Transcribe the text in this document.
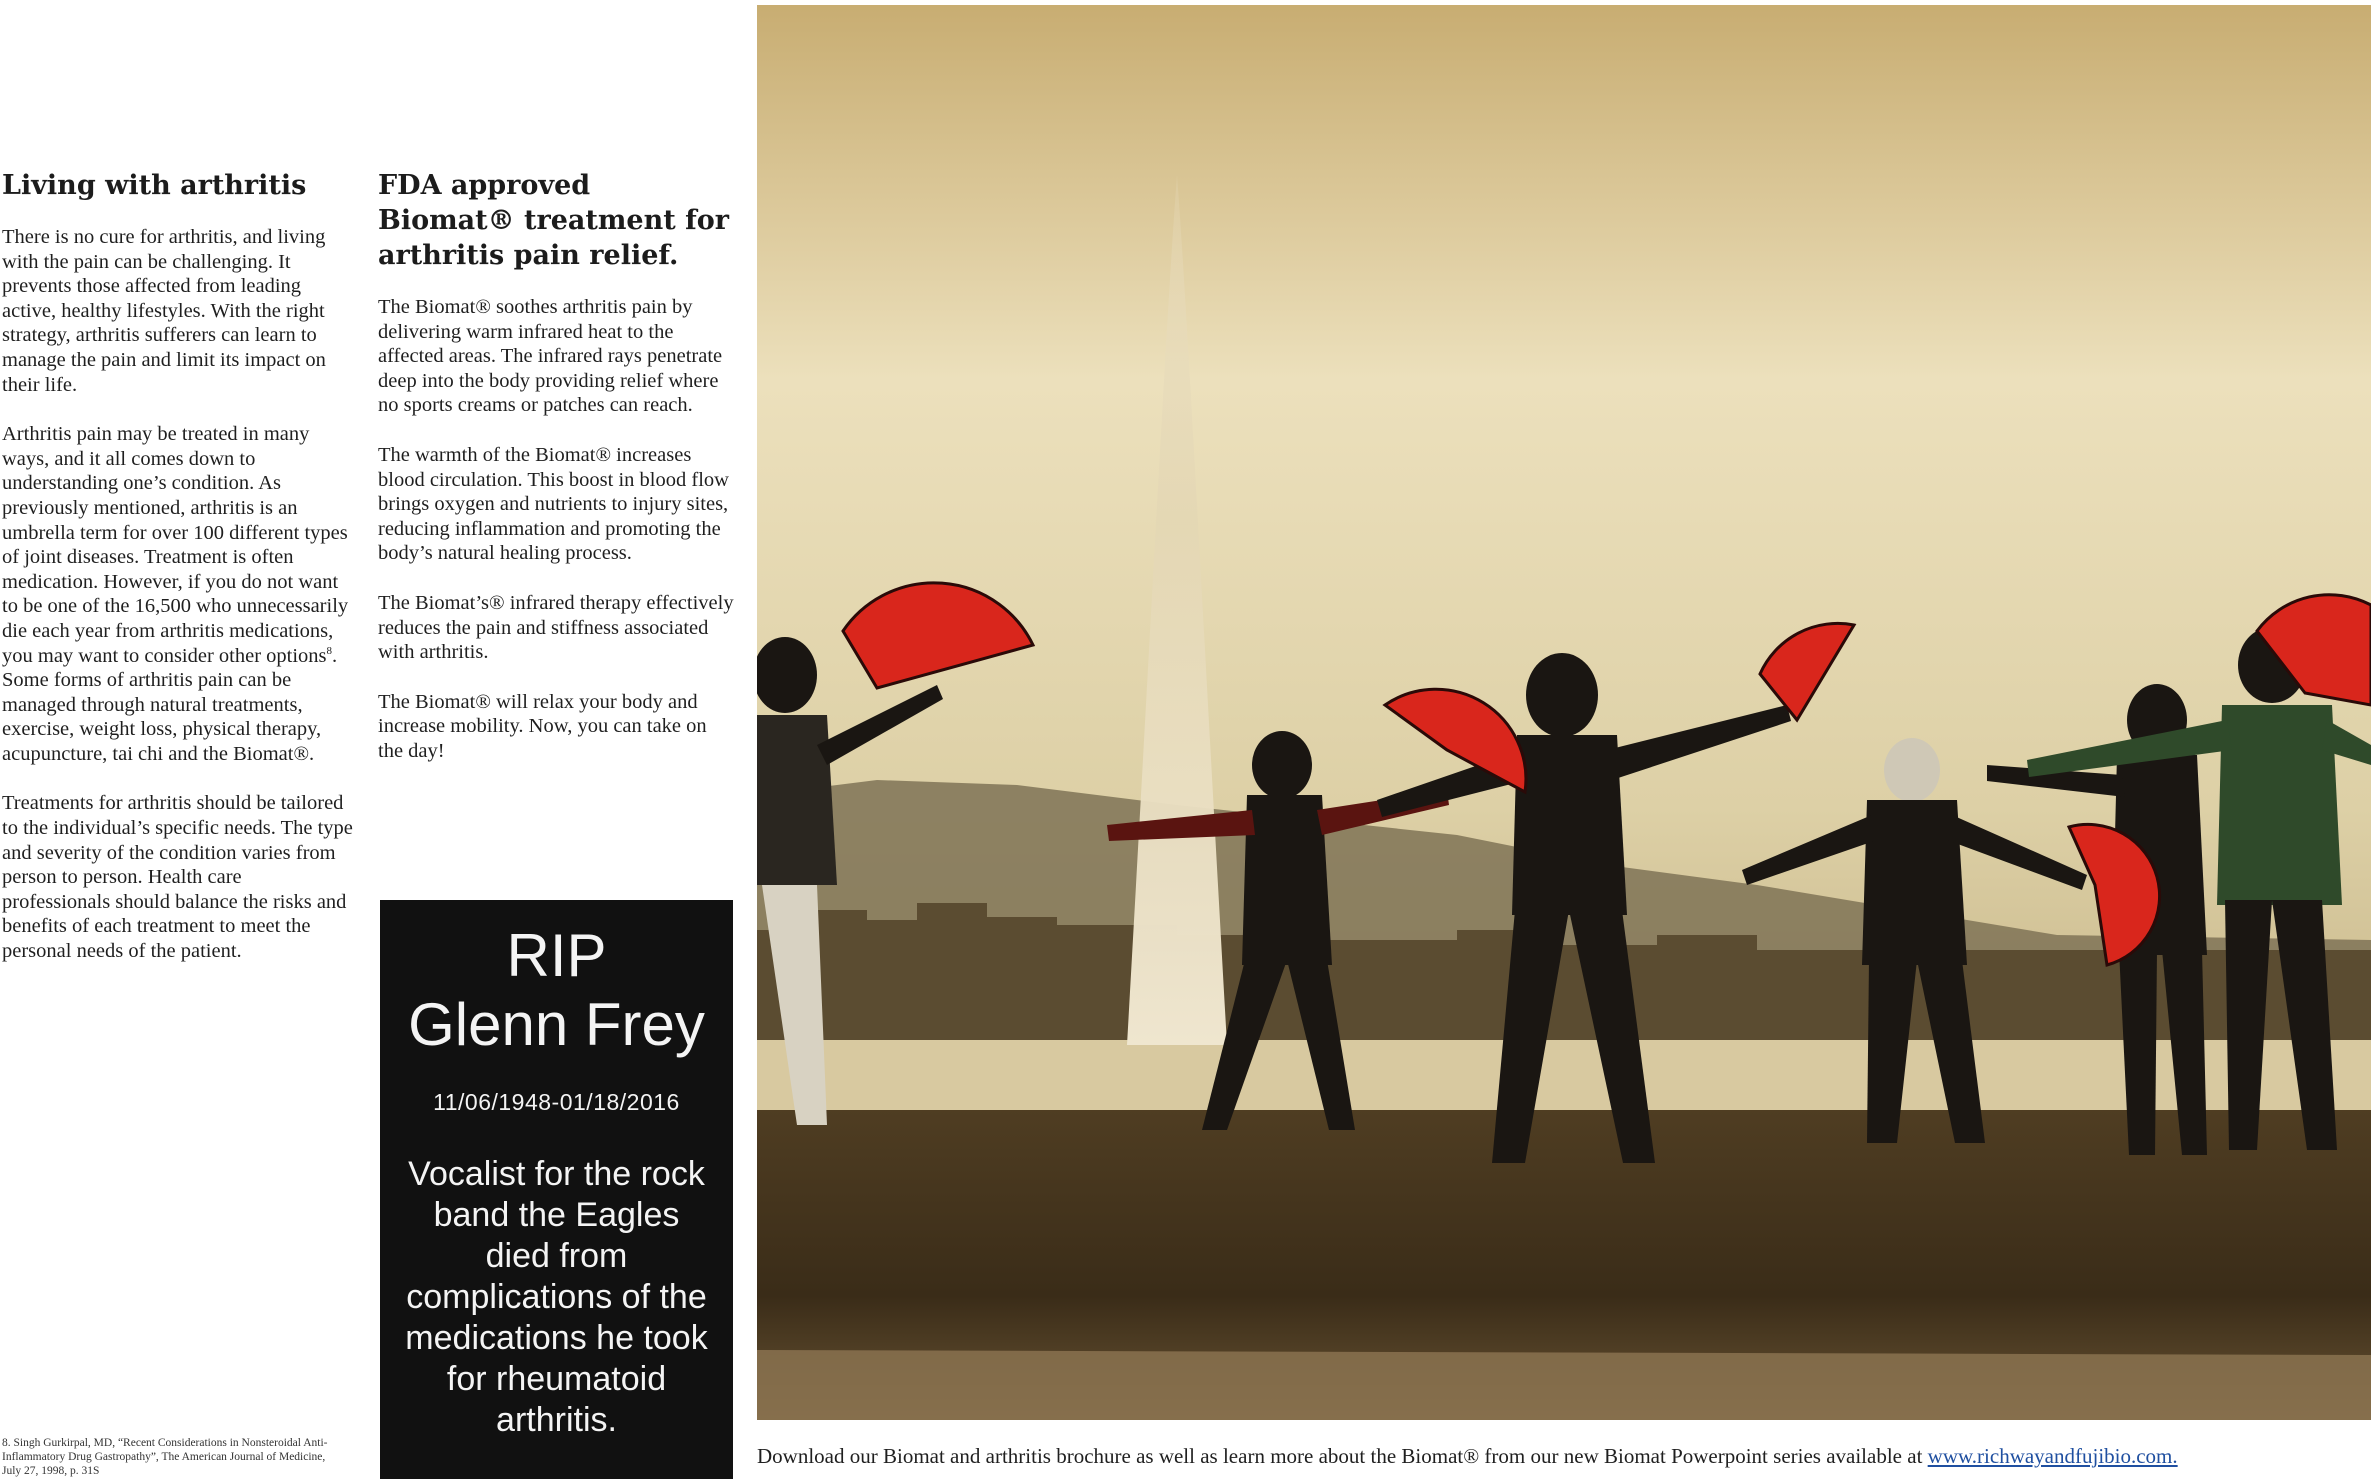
Living with arthritis

There is no cure for arthritis, and living with the pain can be challenging. It prevents those affected from leading active, healthy lifestyles. With the right strategy, arthritis sufferers can learn to manage the pain and limit its impact on their life.

Arthritis pain may be treated in many ways, and it all comes down to understanding one’s condition. As previously mentioned, arthritis is an umbrella term for over 100 different types of joint diseases. Treatment is often medication. However, if you do not want to be one of the 16,500 who unnecessarily die each year from arthritis medications, you may want to consider other options$^8$. Some forms of arthritis pain can be managed through natural treatments, exercise, weight loss, physical therapy, acupuncture, tai chi and the Biomat®.

Treatments for arthritis should be tailored to the individual’s specific needs. The type and severity of the condition varies from person to person. Health care professionals should balance the risks and benefits of each treatment to meet the personal needs of the patient.

8. Singh Gurkirpal, MD, “Recent Considerations in Nonsteroidal Anti-Inflammatory Drug Gastropathy”, The American Journal of Medicine, July 27, 1998, p. 31S
FDA approved Biomat® treatment for arthritis pain relief.

The Biomat® soothes arthritis pain by delivering warm infrared heat to the affected areas. The infrared rays penetrate deep into the body providing relief where no sports creams or patches can reach.

The warmth of the Biomat® increases blood circulation. This boost in blood flow brings oxygen and nutrients to injury sites, reducing inflammation and promoting the body’s natural healing process.

The Biomat’s® infrared therapy effectively reduces the pain and stiffness associated with arthritis.

The Biomat® will relax your body and increase mobility. Now, you can take on the day!

RIP
Glenn Frey
11/06/1948-01/18/2016
Vocalist for the rock band the Eagles died from complications of the medications he took for rheumatoid arthritis.
Download our Biomat and arthritis brochure as well as learn more about the Biomat® from our new Biomat Powerpoint series available at www.richwayandfujibio.com.
